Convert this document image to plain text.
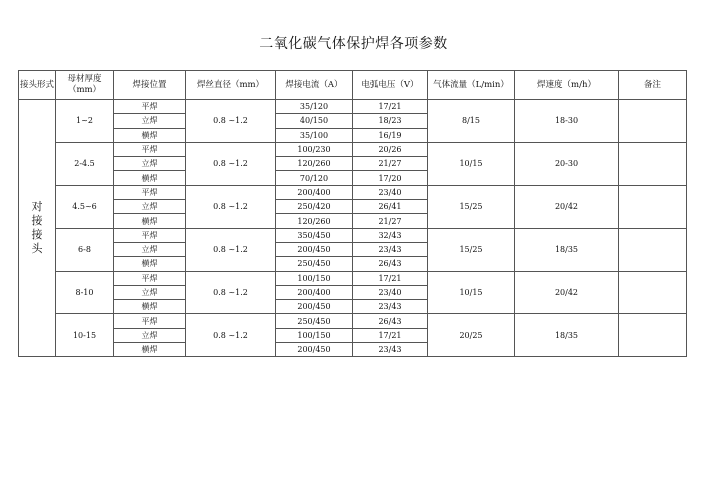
二氧化碳气体保护焊各项参数
接头形式	母材厚度（mm）	焊接位置	焊丝直径（mm）	焊接电流（A）	电弧电压（V）	气体流量（L/min）	焊速度（m/h）	备注
对接接头	1~2	平焊	0.8 ~1.2	35/120	17/21	8/15	18-30	
		立焊		40/150	18/23			
		横焊		35/100	16/19			
	2-4.5	平焊	0.8 ~1.2	100/230	20/26	10/15	20-30	
		立焊		120/260	21/27			
		横焊		70/120	17/20			
	4.5~6	平焊	0.8 ~1.2	200/400	23/40	15/25	20/42	
		立焊		250/420	26/41			
		横焊		120/260	21/27			
	6-8	平焊	0.8 ~1.2	350/450	32/43	15/25	18/35	
		立焊		200/450	23/43			
		横焊		250/450	26/43			
	8-10	平焊	0.8 ~1.2	100/150	17/21	10/15	20/42	
		立焊		200/400	23/40			
		横焊		200/450	23/43			
	10-15	平焊	0.8 ~1.2	250/450	26/43	20/25	18/35	
		立焊		100/150	17/21			
		横焊		200/450	23/43			
